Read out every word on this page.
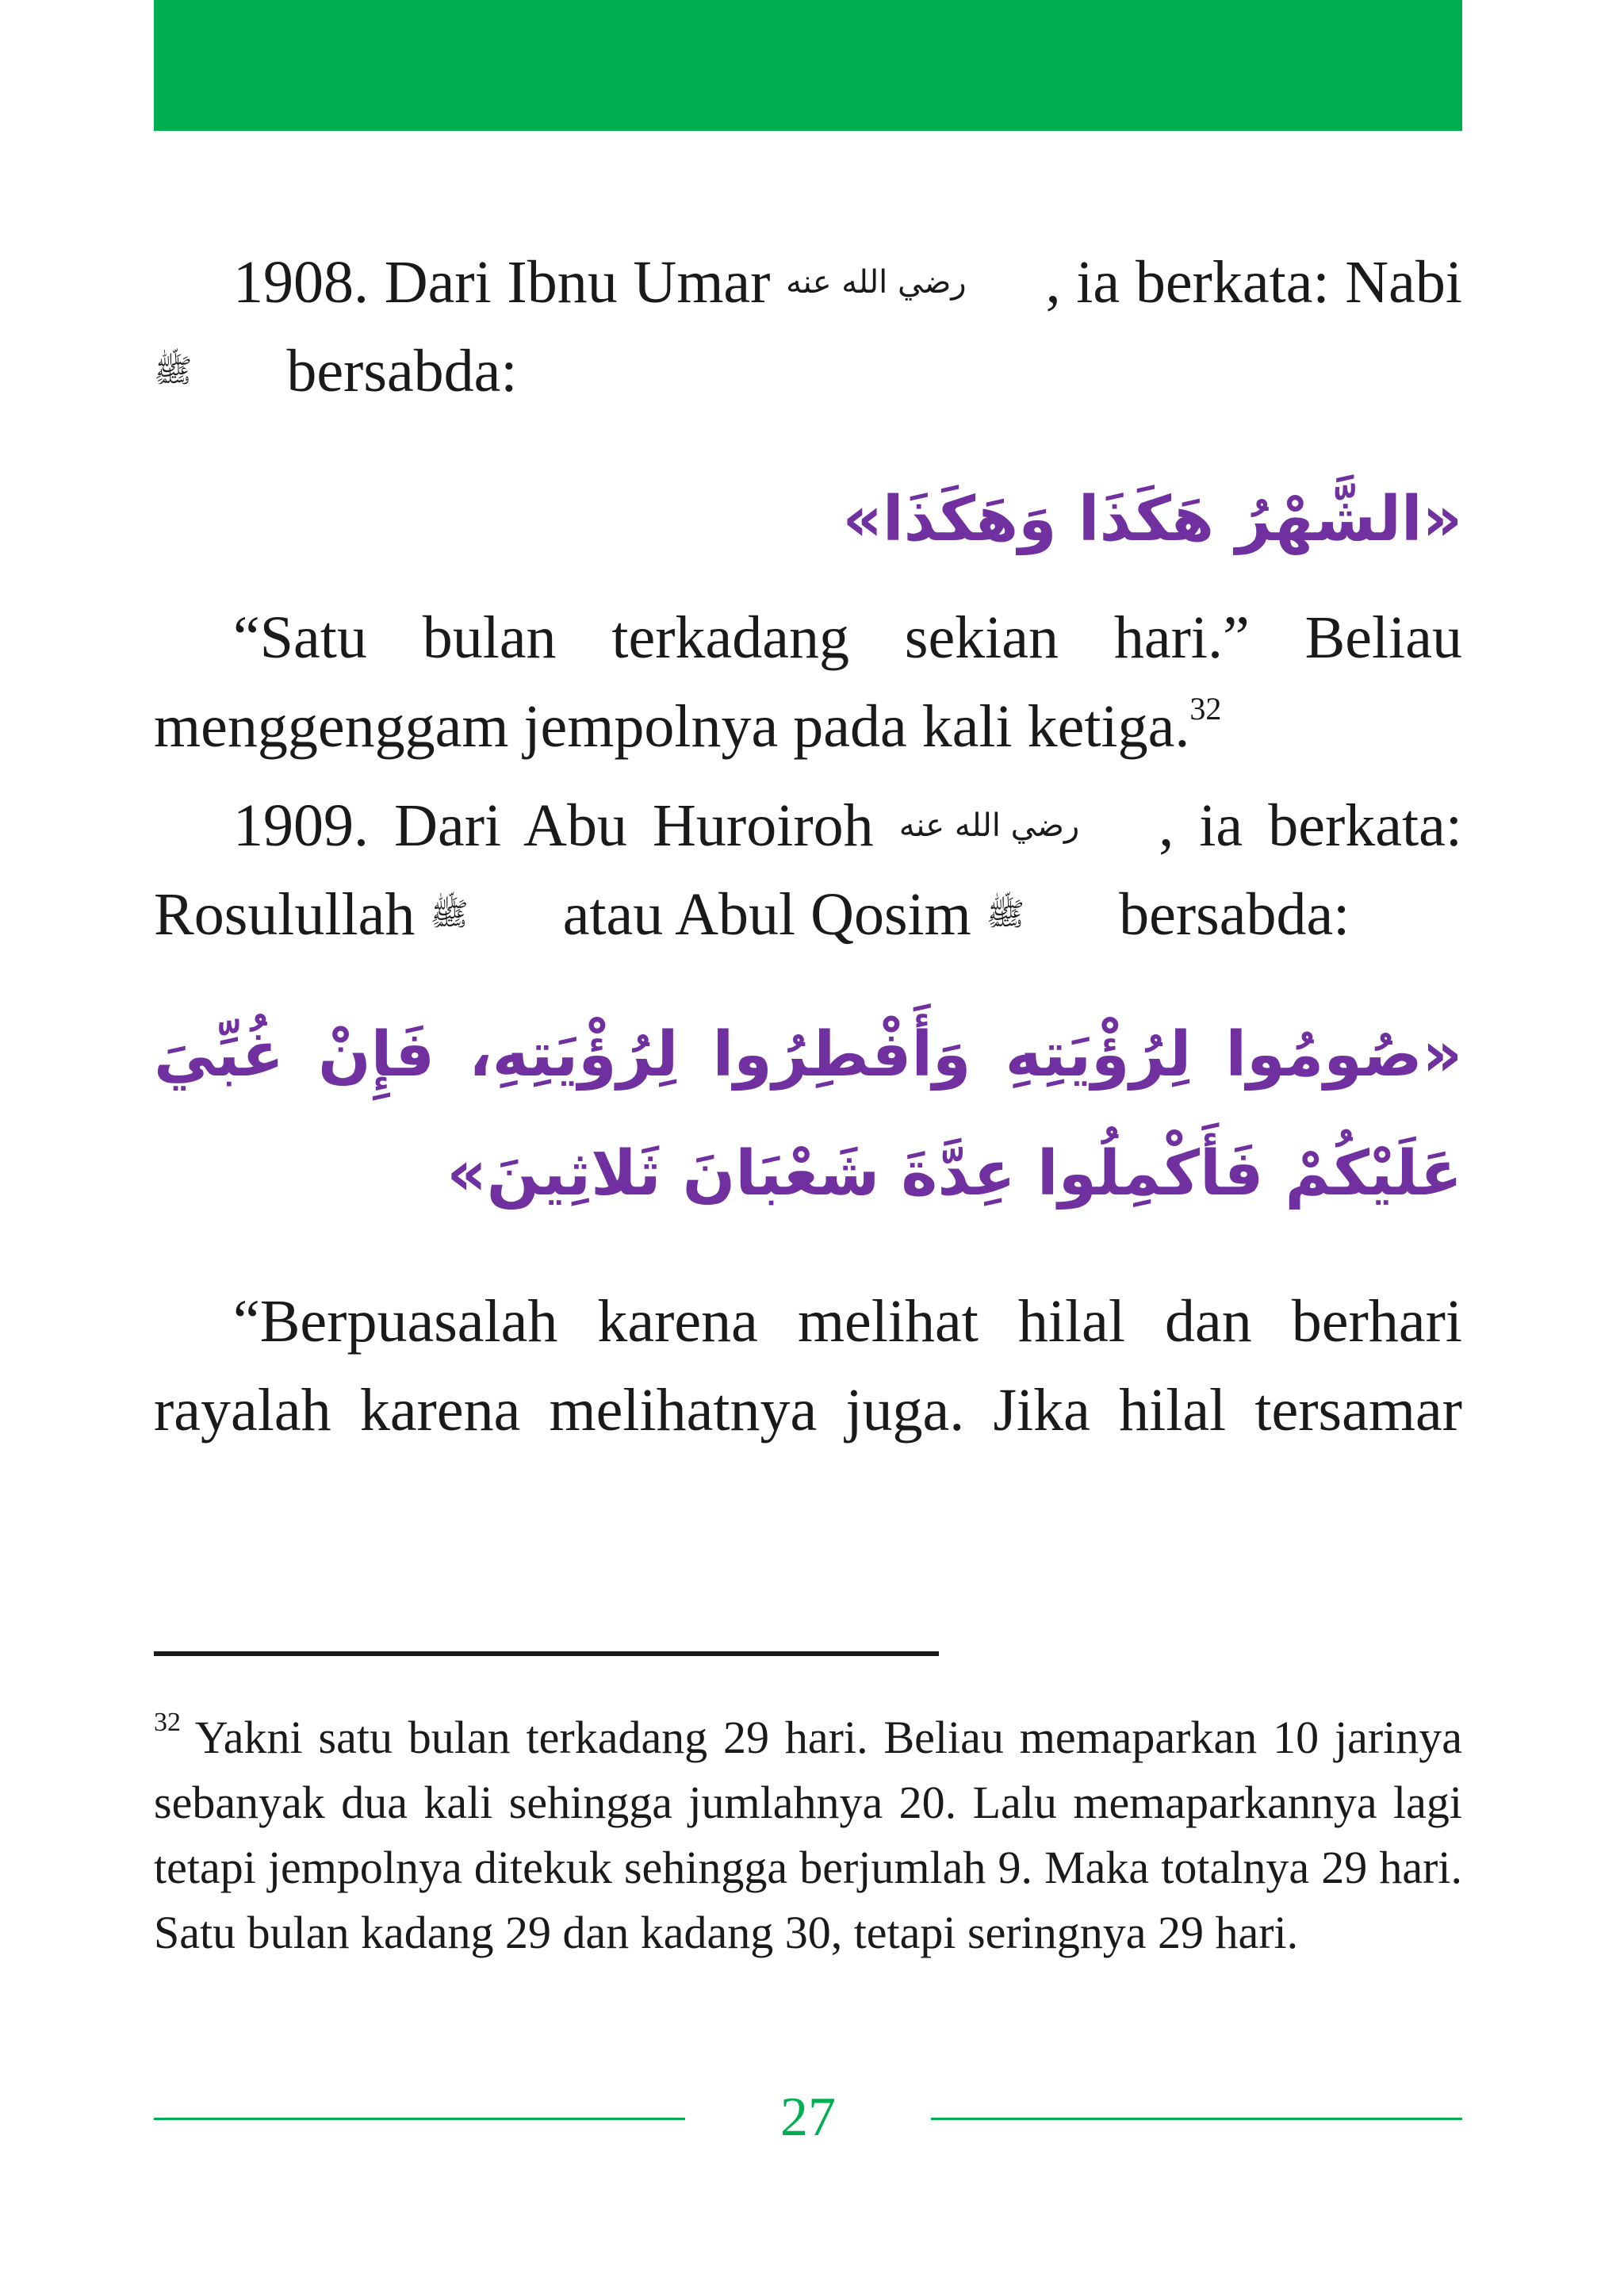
1908. Dari Ibnu Umar رضي الله عنه , ia berkata: Nabi ﷺ bersabda:

«الشَّهْرُ هَكَذَا وَهَكَذَا»

“Satu bulan terkadang sekian hari.” Beliau menggenggam jempolnya pada kali ketiga.$^{32}$

1909. Dari Abu Huroiroh رضي الله عنه , ia berkata: Rosulullah ﷺ atau Abul Qosim ﷺ bersabda:

«صُومُوا لِرُؤْيَتِهِ وَأَفْطِرُوا لِرُؤْيَتِهِ، فَإِنْ غُبِّيَ عَلَيْكُمْ فَأَكْمِلُوا عِدَّةَ شَعْبَانَ ثَلاثِينَ»

“Berpuasalah karena melihat hilal dan berhari rayalah karena melihatnya juga. Jika hilal tersamar

$^{32}$ Yakni satu bulan terkadang 29 hari. Beliau memaparkan 10 jarinya sebanyak dua kali sehingga jumlahnya 20. Lalu memaparkannya lagi tetapi jempolnya ditekuk sehingga berjumlah 9. Maka totalnya 29 hari. Satu bulan kadang 29 dan kadang 30, tetapi seringnya 29 hari.

27
